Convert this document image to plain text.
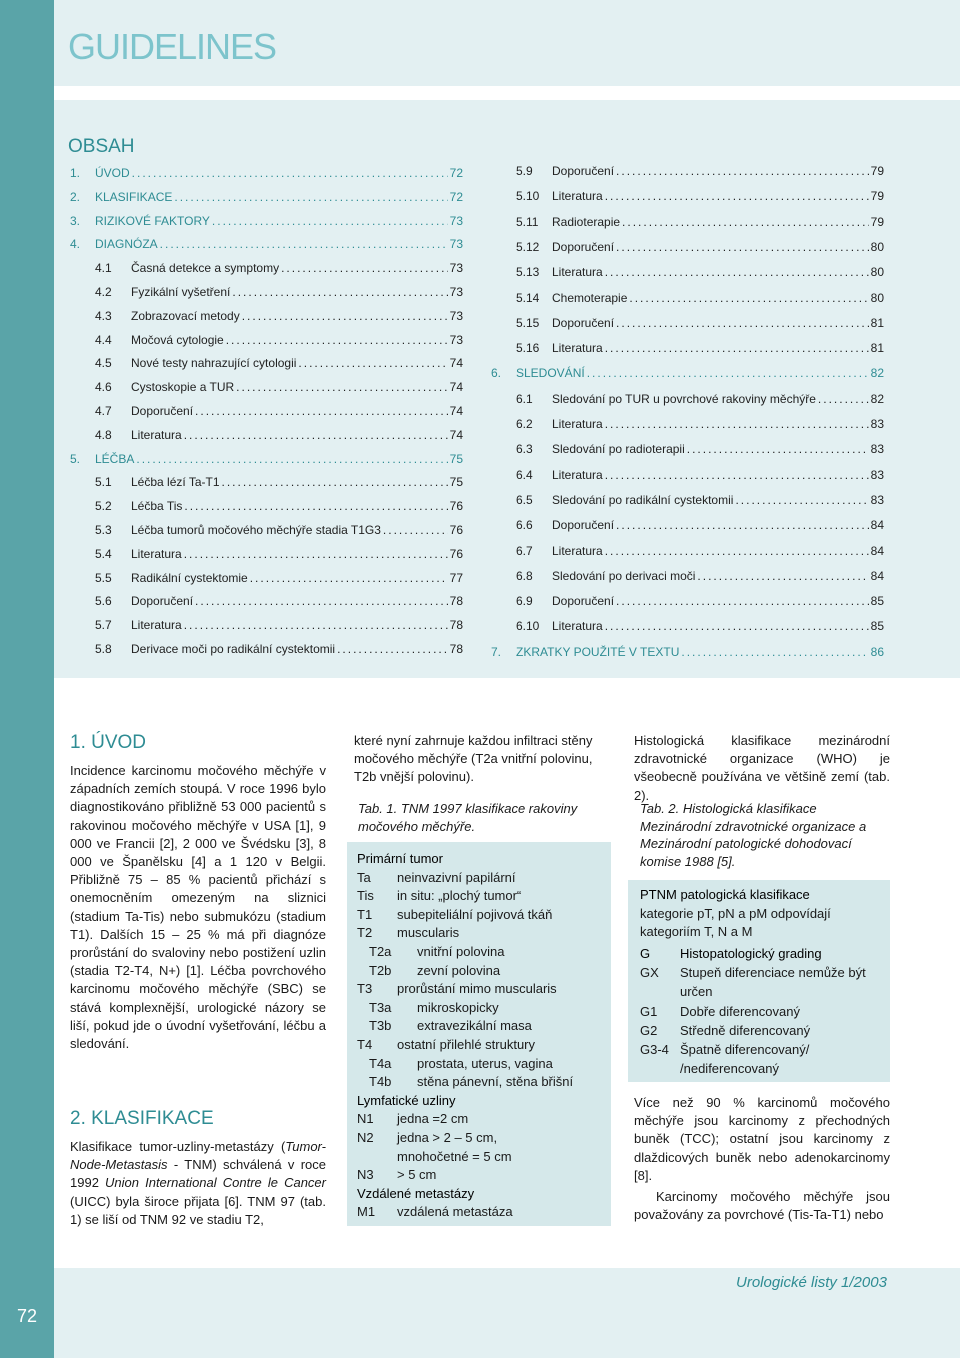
GUIDELINES
OBSAH
1.	ÚVOD .....	72
2.	KLASIFIKACE .....	72
3.	RIZIKOVÉ FAKTORY .....	73
4.	DIAGNÓZA .....	73
4.1	Časná detekce a symptomy .....	73
4.2	Fyzikální vyšetření .....	73
4.3	Zobrazovací metody .....	73
4.4	Močová cytologie .....	73
4.5	Nové testy nahrazující cytologii .....	74
4.6	Cystoskopie a TUR .....	74
4.7	Doporučení .....	74
4.8	Literatura .....	74
5.	LÉČBA .....	75
5.1	Léčba lézí Ta-T1 .....	75
5.2	Léčba Tis .....	76
5.3	Léčba tumorů močového měchýře stadia T1G3 .....	76
5.4	Literatura .....	76
5.5	Radikální cystektomie .....	77
5.6	Doporučení .....	78
5.7	Literatura .....	78
5.8	Derivace moči po radikální cystektomii .....	78
5.9	Doporučení .....	79
5.10	Literatura .....	79
5.11	Radioterapie .....	79
5.12	Doporučení .....	80
5.13	Literatura .....	80
5.14	Chemoterapie .....	80
5.15	Doporučení .....	81
5.16	Literatura .....	81
6.	SLEDOVÁNÍ .....	82
6.1	Sledování po TUR u povrchové rakoviny měchýře .....	82
6.2	Literatura .....	83
6.3	Sledování po radioterapii .....	83
6.4	Literatura .....	83
6.5	Sledování po radikální cystektomii .....	83
6.6	Doporučení .....	84
6.7	Literatura .....	84
6.8	Sledování po derivaci moči .....	84
6.9	Doporučení .....	85
6.10	Literatura .....	85
7.	ZKRATKY POUŽITÉ V TEXTU .....	86
1. ÚVOD

Incidence karcinomu močového měchýře v západních zemích stoupá. V roce 1996 bylo diagnostikováno přibližně 53 000 pacientů s rakovinou močového měchýře v USA [1], 9 000 ve Francii [2], 2 000 ve Švédsku [3], 8 000 ve Španělsku [4] a 1 120 v Belgii. Přibližně 75 – 85 % pacientů přichází s onemocněním omezeným na sliznici (stadium Ta-Tis) nebo submukózu (stadium T1). Dalších 15 – 25 % má při diagnóze prorůstání do svaloviny nebo postižení uzlin (stadia T2-T4, N+) [1]. Léčba povrchového karcinomu močového měchýře (SBC) se stává komplexnější, urologické názory se liší, pokud jde o úvodní vyšetřování, léčbu a sledování.

2. KLASIFIKACE

Klasifikace tumor-uzliny-metastázy (Tumor-Node-Metastasis - TNM) schválená v roce 1992 Union International Contre le Cancer (UICC) byla široce přijata [6]. TNM 97 (tab. 1) se liší od TNM 92 ve stadiu T2,

které nyní zahrnuje každou infiltraci stěny močového měchýře (T2a vnitřní polovinu, T2b vnější polovinu).

Tab. 1. TNM 1997 klasifikace rakoviny močového měchýře.

Primární tumor
Ta neinvazivní papilární
Tis in situ: „plochý tumor“
T1 subepiteliální pojivová tkáň
T2 muscularis
T2a vnitřní polovina
T2b zevní polovina
T3 prorůstání mimo muscularis
T3a mikroskopicky
T3b extravezikální masa
T4 ostatní přilehlé struktury
T4a prostata, uterus, vagina
T4b stěna pánevní, stěna břišní
Lymfatické uzliny
N1 jedna =2 cm
N2 jedna > 2 – 5 cm,
mnohočetné = 5 cm
N3 > 5 cm
Vzdálené metastázy
M1 vzdálená metastáza

Histologická klasifikace mezinárodní zdravotnické organizace (WHO) je všeobecně používána ve většině zemí (tab. 2).

Tab. 2. Histologická klasifikace Mezinárodní zdravotnické organizace a Mezinárodní patologické dohodovací komise 1988 [5].

PTNM patologická klasifikace
kategorie pT, pN a pM odpovídají
kategoriím T, N a M
G Histopatologický grading
GX Stupeň diferenciace nemůže být
určen
G1 Dobře diferencovaný
G2 Středně diferencovaný
G3-4 Špatně diferencovaný/
/nediferencovaný

Více než 90 % karcinomů močového měchýře jsou karcinomy z přechodných buněk (TCC); ostatní jsou karcinomy z dlaždicových buněk nebo adenokarcinomy [8].

Karcinomy močového měchýře jsou považovány za povrchové (Tis-Ta-T1) nebo

Urologické listy 1/2003
72
